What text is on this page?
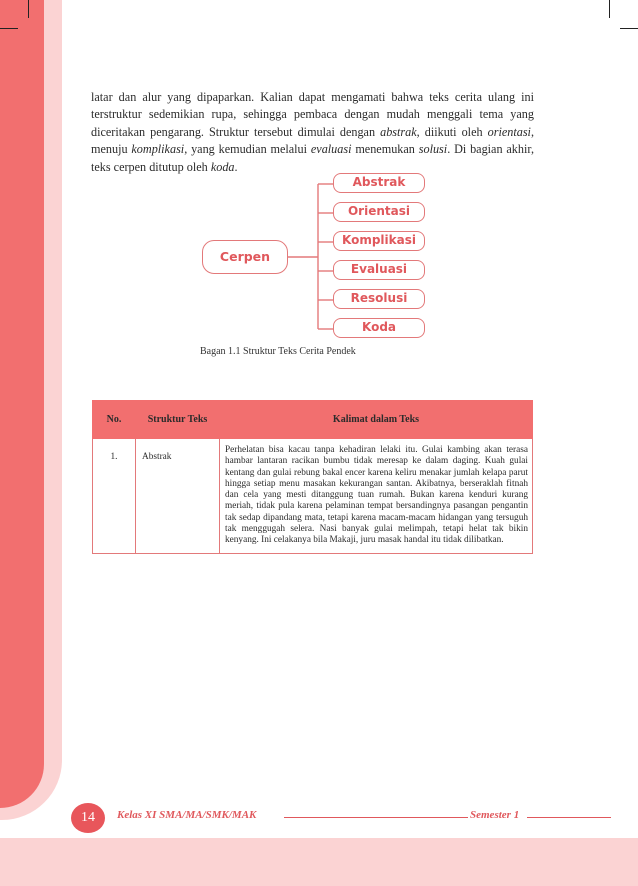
latar dan alur yang dipaparkan. Kalian dapat mengamati bahwa teks cerita ulang ini terstruktur sedemikian rupa, sehingga pembaca dengan mudah menggali tema yang diceritakan pengarang. Struktur tersebut dimulai dengan abstrak, diikuti oleh orientasi, menuju komplikasi, yang kemudian melalui evaluasi menemukan solusi. Di bagian akhir, teks cerpen ditutup oleh koda.

Cerpen
Abstrak
Orientasi
Komplikasi
Evaluasi
Resolusi
Koda

Bagan 1.1 Struktur Teks Cerita Pendek

No.	Struktur Teks	Kalimat dalam Teks
1.	Abstrak	Perhelatan bisa kacau tanpa kehadiran lelaki itu. Gulai kambing akan terasa hambar lantaran racikan bumbu tidak meresap ke dalam daging. Kuah gulai kentang dan gulai rebung bakal encer karena keliru menakar jumlah kelapa parut hingga setiap menu masakan kekurangan santan. Akibatnya, berseraklah fitnah dan cela yang mesti ditanggung tuan rumah. Bukan karena kenduri kurang meriah, tidak pula karena pelaminan tempat bersandingnya pasangan pengantin tak sedap dipandang mata, tetapi karena macam-macam hidangan yang tersuguh tak menggugah selera. Nasi banyak gulai melimpah, tetapi helat tak bikin kenyang. Ini celakanya bila Makaji, juru masak handal itu tidak dilibatkan.
14	Kelas XI SMA/MA/SMK/MAK	Semester 1
